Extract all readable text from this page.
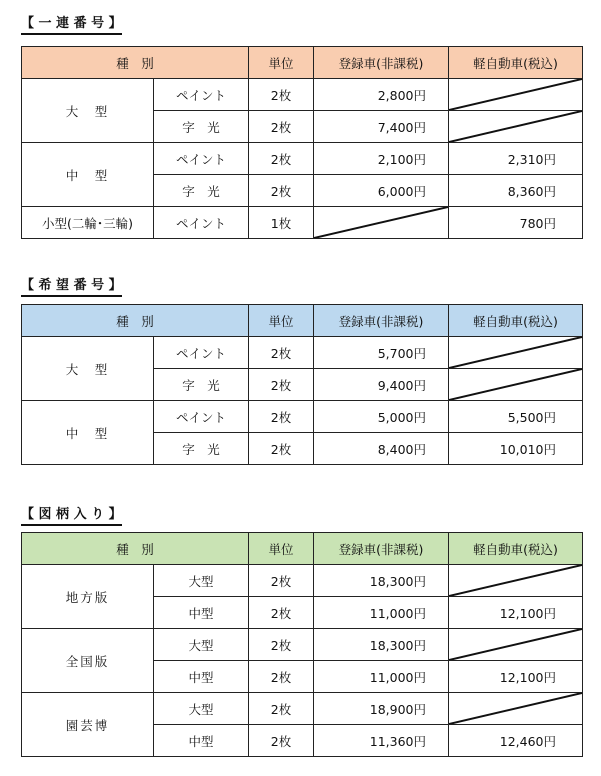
【 一 連 番 号 】
種　別		単位	登録車(非課税)	軽自動車(税込)
大　型	ペイント	2枚	2,800円	

	字　光	2枚	7,400円	

中　型	ペイント	2枚	2,100円	2,310円
	字　光	2枚	6,000円	8,360円
小型(二輪･三輪)	ペイント	1枚		780円
【 希 望 番 号 】
種　別		単位	登録車(非課税)	軽自動車(税込)
大　型	ペイント	2枚	5,700円	

	字　光	2枚	9,400円	

中　型	ペイント	2枚	5,000円	5,500円
	字　光	2枚	8,400円	10,010円
【 図 柄 入 り 】
種　別		単位	登録車(非課税)	軽自動車(税込)
地方版	大型	2枚	18,300円	

	中型	2枚	11,000円	12,100円
全国版	大型	2枚	18,300円	

	中型	2枚	11,000円	12,100円
園芸博	大型	2枚	18,900円	

	中型	2枚	11,360円	12,460円
